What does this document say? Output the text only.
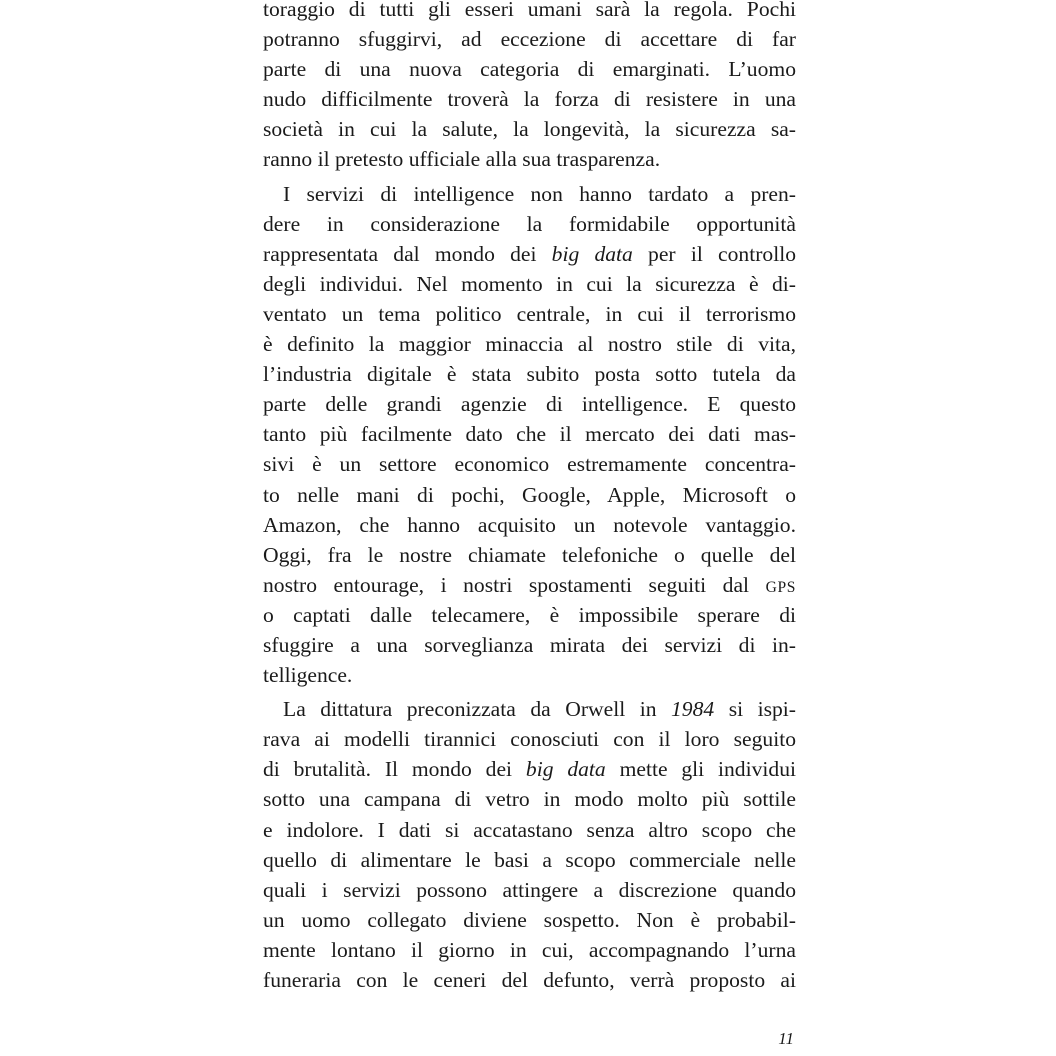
toraggio di tutti gli esseri umani sarà la regola. Pochi
potranno sfuggirvi, ad eccezione di accettare di far
parte di una nuova categoria di emarginati. L’uomo
nudo difficilmente troverà la forza di resistere in una
società in cui la salute, la longevità, la sicurezza sa-
ranno il pretesto ufficiale alla sua trasparenza.
I servizi di intelligence non hanno tardato a pren-
dere in considerazione la formidabile opportunità
rappresentata dal mondo dei big data per il controllo
degli individui. Nel momento in cui la sicurezza è di-
ventato un tema politico centrale, in cui il terrorismo
è definito la maggior minaccia al nostro stile di vita,
l’industria digitale è stata subito posta sotto tutela da
parte delle grandi agenzie di intelligence. E questo
tanto più facilmente dato che il mercato dei dati mas-
sivi è un settore economico estremamente concentra-
to nelle mani di pochi, Google, Apple, Microsoft o
Amazon, che hanno acquisito un notevole vantaggio.
Oggi, fra le nostre chiamate telefoniche o quelle del
nostro entourage, i nostri spostamenti seguiti dal GPS
o captati dalle telecamere, è impossibile sperare di
sfuggire a una sorveglianza mirata dei servizi di in-
telligence.
La dittatura preconizzata da Orwell in 1984 si ispi-
rava ai modelli tirannici conosciuti con il loro seguito
di brutalità. Il mondo dei big data mette gli individui
sotto una campana di vetro in modo molto più sottile
e indolore. I dati si accatastano senza altro scopo che
quello di alimentare le basi a scopo commerciale nelle
quali i servizi possono attingere a discrezione quando
un uomo collegato diviene sospetto. Non è probabil-
mente lontano il giorno in cui, accompagnando l’urna
funeraria con le ceneri del defunto, verrà proposto ai
11
